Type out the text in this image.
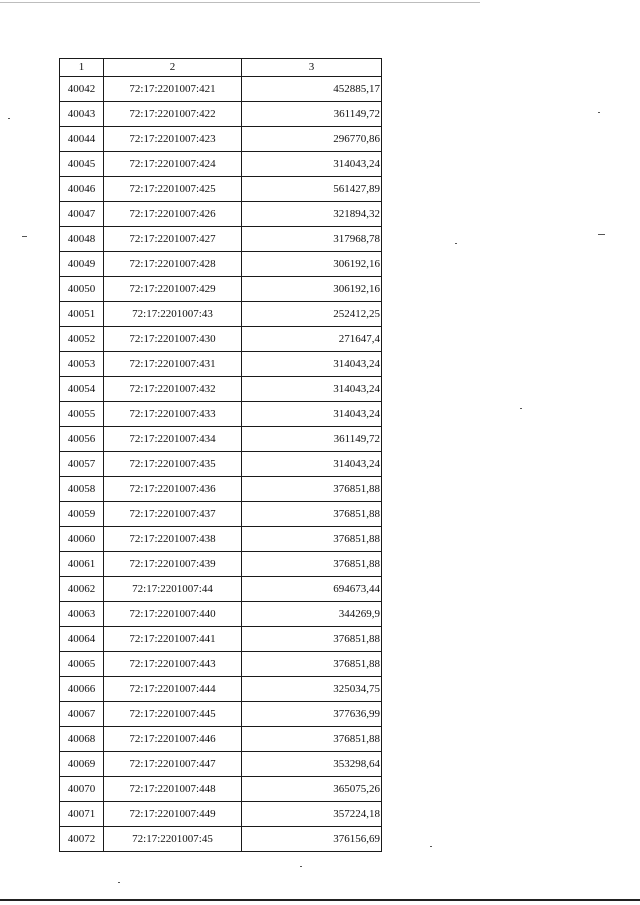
1	2	3
40042	72:17:2201007:421	452885,17
40043	72:17:2201007:422	361149,72
40044	72:17:2201007:423	296770,86
40045	72:17:2201007:424	314043,24
40046	72:17:2201007:425	561427,89
40047	72:17:2201007:426	321894,32
40048	72:17:2201007:427	317968,78
40049	72:17:2201007:428	306192,16
40050	72:17:2201007:429	306192,16
40051	72:17:2201007:43	252412,25
40052	72:17:2201007:430	271647,4
40053	72:17:2201007:431	314043,24
40054	72:17:2201007:432	314043,24
40055	72:17:2201007:433	314043,24
40056	72:17:2201007:434	361149,72
40057	72:17:2201007:435	314043,24
40058	72:17:2201007:436	376851,88
40059	72:17:2201007:437	376851,88
40060	72:17:2201007:438	376851,88
40061	72:17:2201007:439	376851,88
40062	72:17:2201007:44	694673,44
40063	72:17:2201007:440	344269,9
40064	72:17:2201007:441	376851,88
40065	72:17:2201007:443	376851,88
40066	72:17:2201007:444	325034,75
40067	72:17:2201007:445	377636,99
40068	72:17:2201007:446	376851,88
40069	72:17:2201007:447	353298,64
40070	72:17:2201007:448	365075,26
40071	72:17:2201007:449	357224,18
40072	72:17:2201007:45	376156,69
